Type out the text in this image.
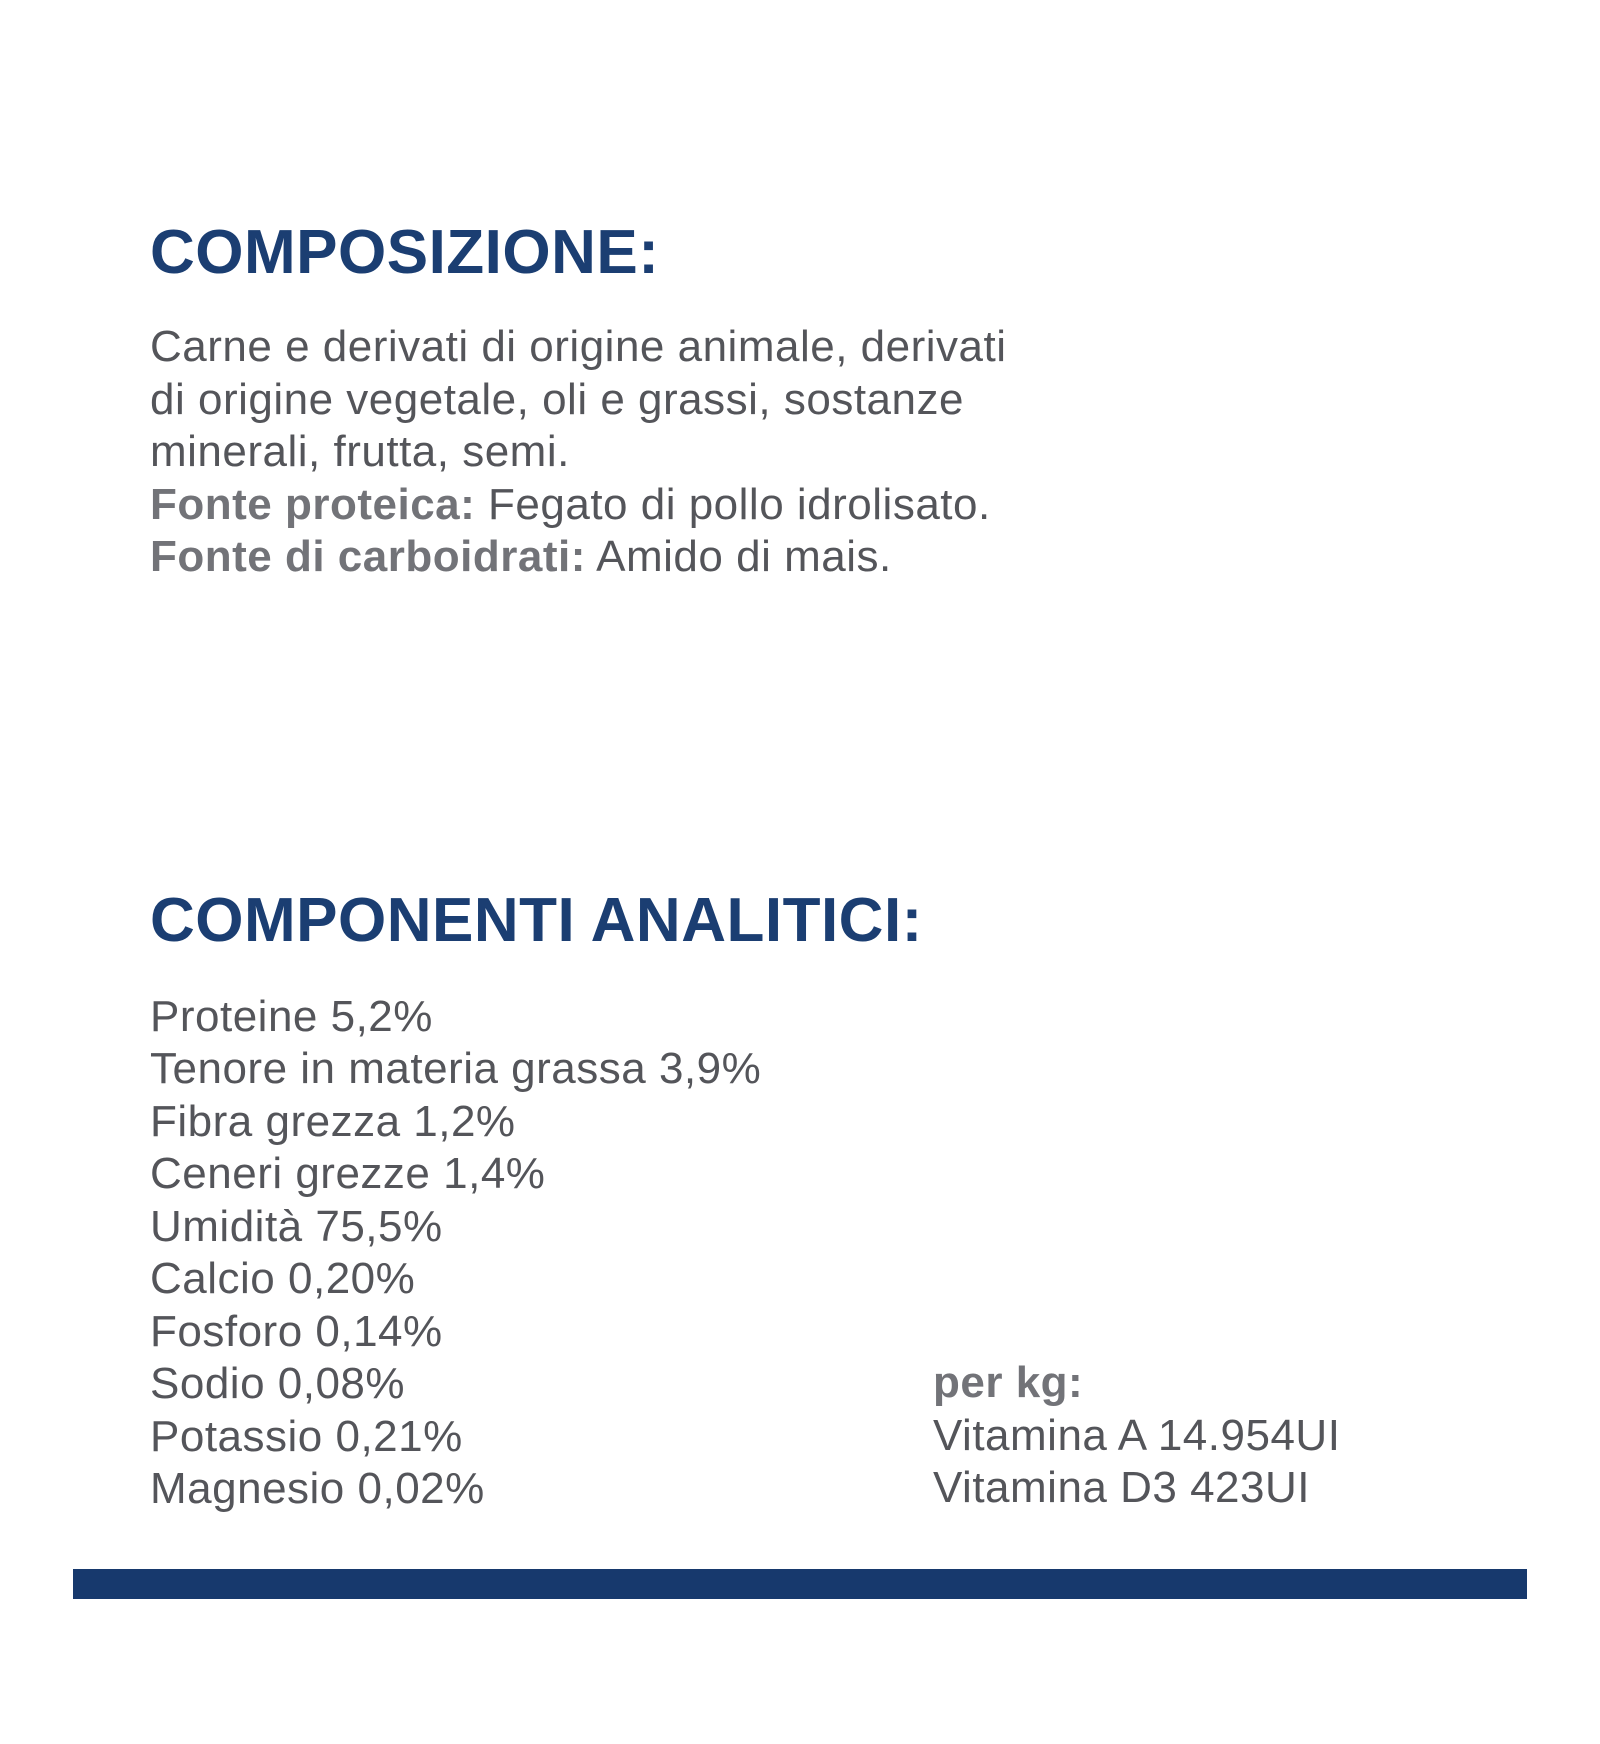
COMPOSIZIONE:
Carne e derivati di origine animale, derivati
di origine vegetale, oli e grassi, sostanze
minerali, frutta, semi.
Fonte proteica: Fegato di pollo idrolisato.
Fonte di carboidrati: Amido di mais.
COMPONENTI ANALITICI:
Proteine 5,2%
Tenore in materia grassa 3,9%
Fibra grezza 1,2%
Ceneri grezze 1,4%
Umidità 75,5%
Calcio 0,20%
Fosforo 0,14%
Sodio 0,08%
Potassio 0,21%
Magnesio 0,02%
per kg:
Vitamina A 14.954UI
Vitamina D3 423UI
